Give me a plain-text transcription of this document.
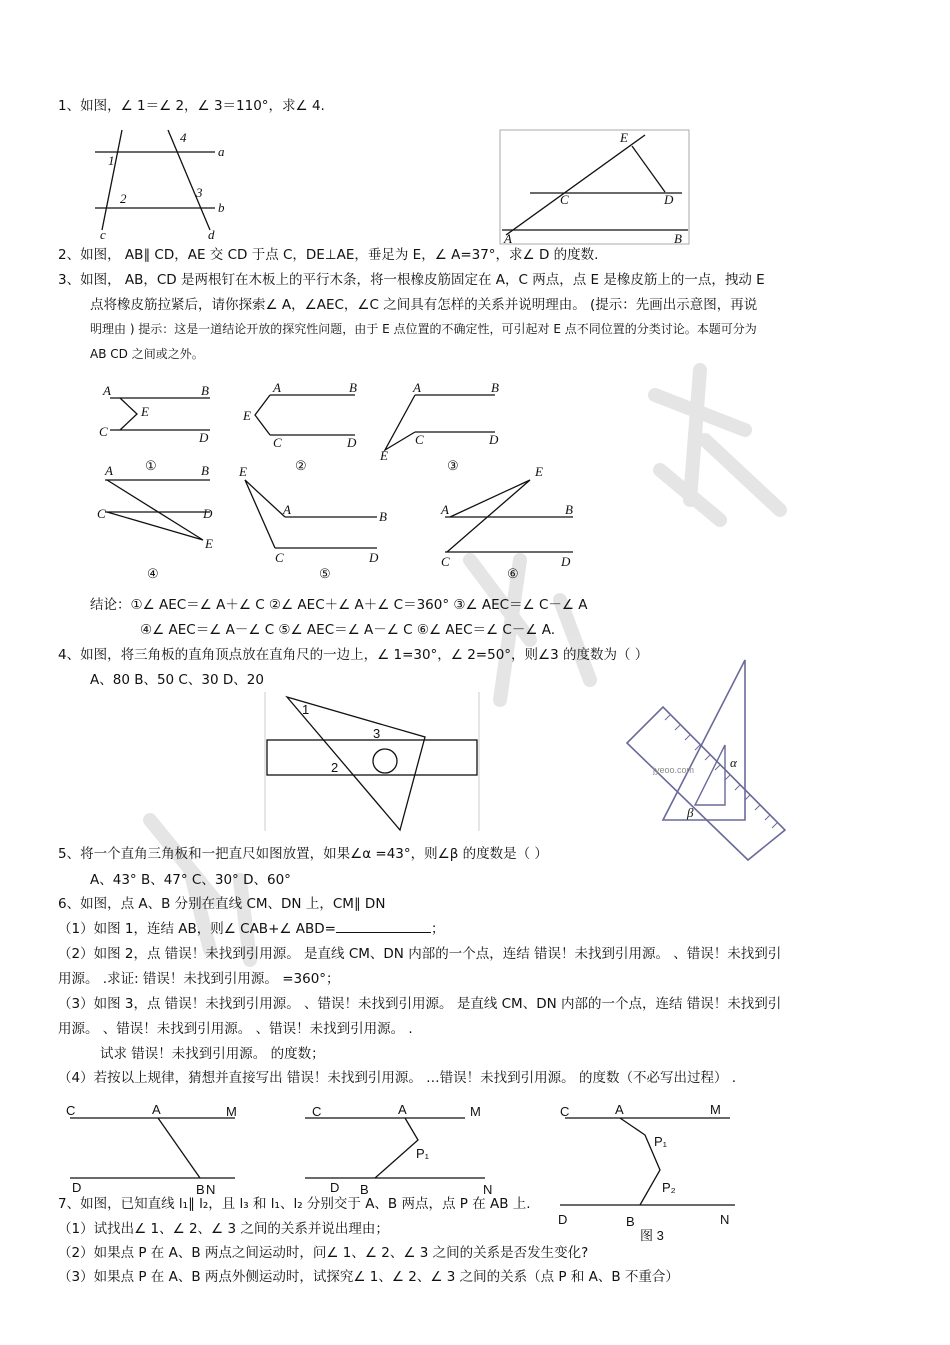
1、如图，∠ 1＝∠ 2，∠ 3＝110°，求∠ 4.
a
b
c	d
1
2	3
4
A	B
C	D
E
2、如图， AB∥ CD，AE 交 CD 于点 C，DE⊥AE，垂足为 E，∠ A=37°，求∠ D 的度数.
3、如图， AB，CD 是两根钉在木板上的平行木条，将一根橡皮筋固定在 A，C 两点，点 E 是橡皮筋上的一点，拽动 E
点将橡皮筋拉紧后，请你探索∠ A，∠AEC，∠C 之间具有怎样的关系并说明理由。 (提示：先画出示意图，再说
明理由 ) 提示：这是一道结论开放的探究性问题，由于 E 点位置的不确定性，可引起对 E 点不同位置的分类讨论。本题可分为
AB CD 之间或之外。
A	B
C	D
E
①
A	B
E
C	D
②
A	B
C	D
E
③
A	B
C	D
E
④
E
A	B
C	D
⑤
A
E
B
C	D
⑥
结论：①∠ AEC＝∠ A＋∠ C ②∠ AEC＋∠ A＋∠ C＝360° ③∠ AEC＝∠ C－∠ A
④∠ AEC＝∠ A－∠ C ⑤∠ AEC＝∠ A－∠ C ⑥∠ AEC＝∠ C－∠ A.
4、如图，将三角板的直角顶点放在直角尺的一边上，∠ 1=30°，∠ 2=50°，则∠3 的度数为（ ）
A、80 B、50 C、30 D、20
1
2
3
α
β
jyeoo.com
5、将一个直角三角板和一把直尺如图放置，如果∠α =43°，则∠β 的度数是（ ）
A、43° B、47° C、30° D、60°
6、如图，点 A、B 分别在直线 CM、DN 上，CM∥ DN
（1）如图 1，连结 AB，则∠ CAB+∠ ABD=	；
（2）如图 2，点 错误！未找到引用源。 是直线 CM、DN 内部的一个点，连结 错误！未找到引用源。 、错误！未找到引
用源。 .求证: 错误！未找到引用源。 =360°；
（3）如图 3，点 错误！未找到引用源。 、错误！未找到引用源。 是直线 CM、DN 内部的一个点，连结 错误！未找到引
用源。 、错误！未找到引用源。 、错误！未找到引用源。 .
试求 错误！未找到引用源。 的度数；
（4）若按以上规律，猜想并直接写出 错误！未找到引用源。 …错误！未找到引用源。 的度数（不必写出过程） .
C	A	M
D	B N
C	A	M
P₁
D B	N
C	A	M
P₁
P₂
D	B	N
图 3
7、如图，已知直线 l₁∥ l₂，且 l₃ 和 l₁、l₂ 分别交于 A、B 两点，点 P 在 AB 上.
（1）试找出∠ 1、∠ 2、∠ 3 之间的关系并说出理由；
（2）如果点 P 在 A、B 两点之间运动时，问∠ 1、∠ 2、∠ 3 之间的关系是否发生变化?
（3）如果点 P 在 A、B 两点外侧运动时，试探究∠ 1、∠ 2、∠ 3 之间的关系（点 P 和 A、B 不重合）
